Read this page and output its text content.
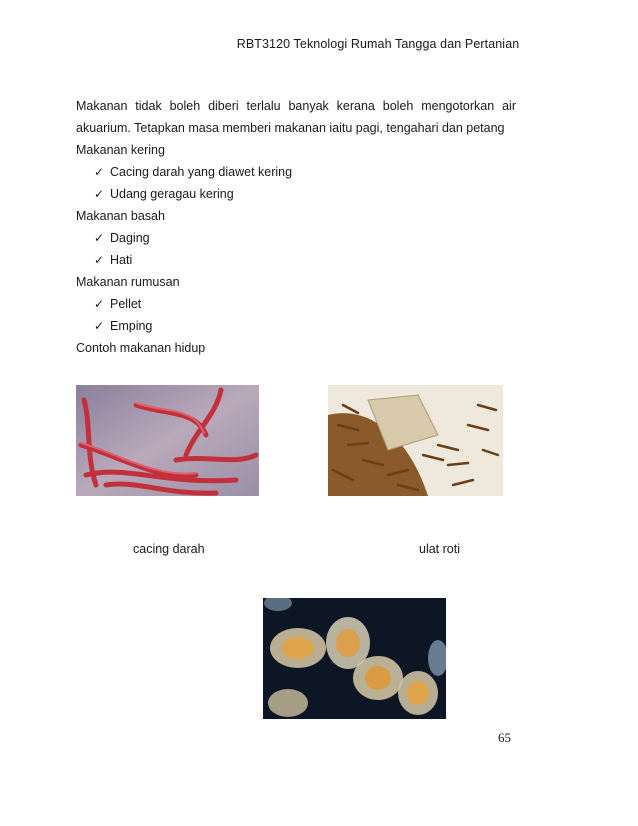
RBT3120 Teknologi Rumah Tangga dan Pertanian

Makanan tidak boleh diberi terlalu banyak kerana boleh mengotorkan air akuarium. Tetapkan masa memberi makanan iaitu pagi, tengahari dan petang

Makanan kering

✓ Cacing darah yang diawet kering
✓ Udang geragau kering

Makanan basah

✓ Daging
✓ Hati

Makanan rumusan

✓ Pellet
✓ Emping

Contoh makanan hidup

cacing darah	ulat roti
65
